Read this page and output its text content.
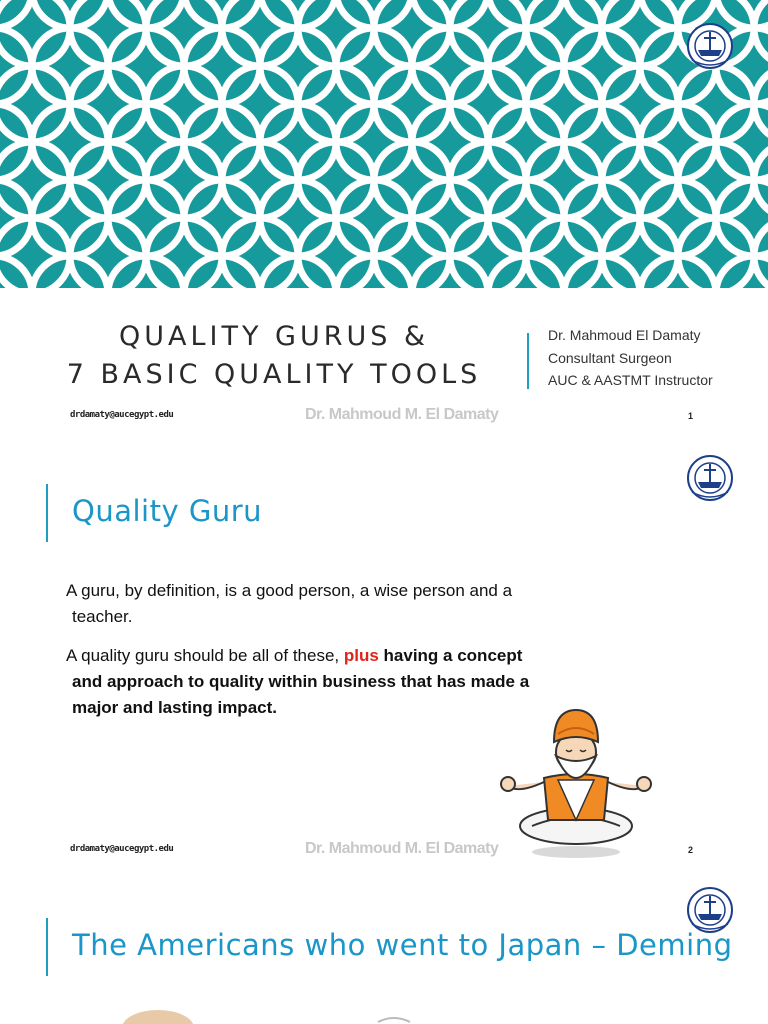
QUALITY GURUS &
7 BASIC QUALITY TOOLS
Dr. Mahmoud El Damaty
Consultant Surgeon
AUC & AASTMT Instructor
drdamaty@aucegypt.edu	Dr. Mahmoud M. El Damaty	1
Quality Guru
A guru, by definition, is a good person, a wise person and a
teacher.
A quality guru should be all of these, plus having a concept
and approach to quality within business that has made a
major and lasting impact.
drdamaty@aucegypt.edu	Dr. Mahmoud M. El Damaty	2
The Americans who went to Japan – Deming
